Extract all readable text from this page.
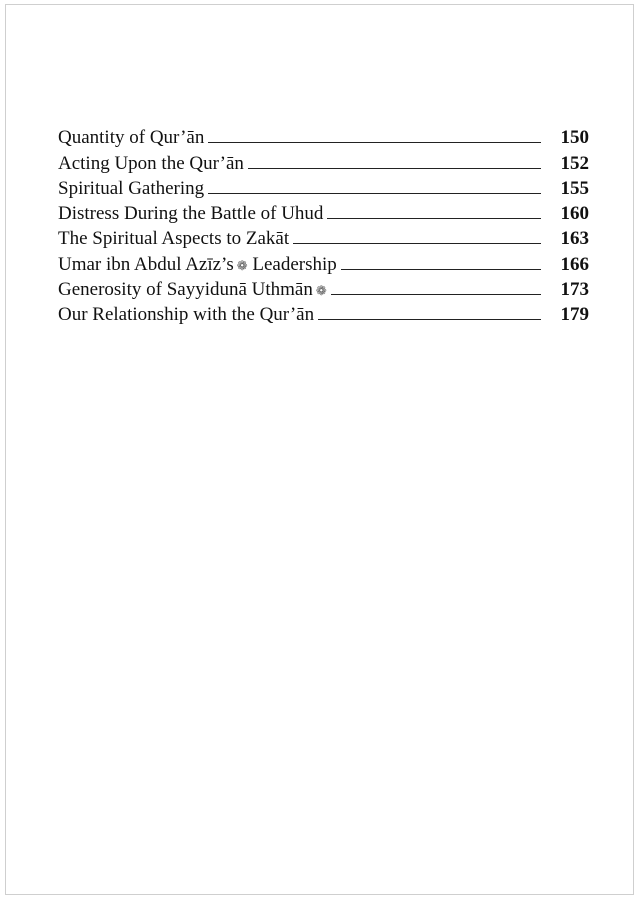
Quantity of Qur’ān	150
Acting Upon the Qur’ān	152
Spiritual Gathering	155
Distress During the Battle of Uhud	160
The Spiritual Aspects to Zakāt	163
Umar ibn Abdul Azīz’s ❁ Leadership	166
Generosity of Sayyidunā Uthmān ❁	173
Our Relationship with the Qur’ān	179
